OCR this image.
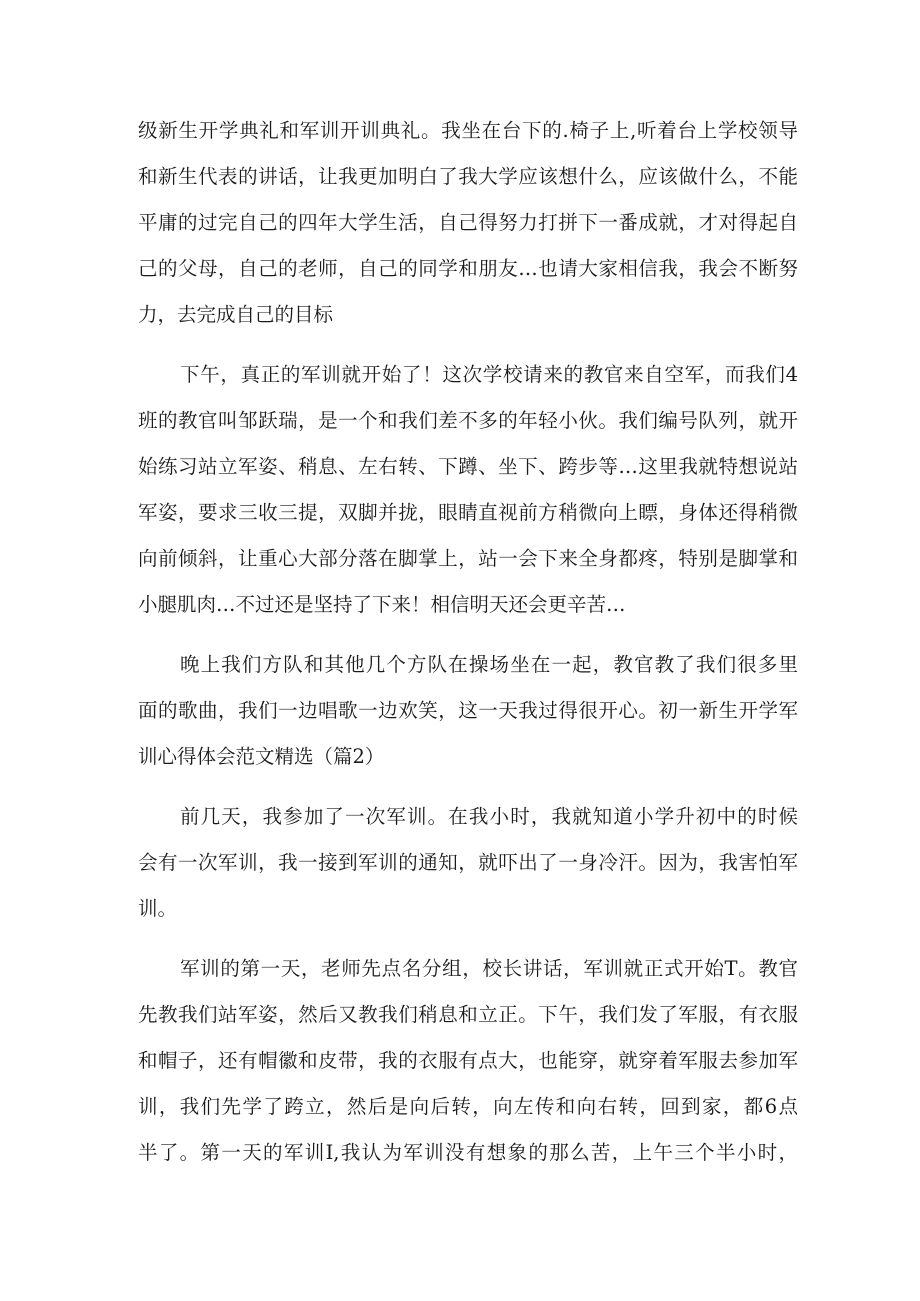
级新生开学典礼和军训开训典礼。我坐在台下的.椅子上,听着台上学校领导
和新生代表的讲话，让我更加明白了我大学应该想什么，应该做什么，不能
平庸的过完自己的四年大学生活，自己得努力打拼下一番成就，才对得起自
己的父母，自己的老师，自己的同学和朋友…也请大家相信我，我会不断努
力，去完成自己的目标
下午，真正的军训就开始了！这次学校请来的教官来自空军，而我们4
班的教官叫邹跃瑞，是一个和我们差不多的年轻小伙。我们编号队列，就开
始练习站立军姿、稍息、左右转、下蹲、坐下、跨步等…这里我就特想说站
军姿，要求三收三提，双脚并拢，眼睛直视前方稍微向上瞟，身体还得稍微
向前倾斜，让重心大部分落在脚掌上，站一会下来全身都疼，特别是脚掌和
小腿肌肉…不过还是坚持了下来！相信明天还会更辛苦…
晚上我们方队和其他几个方队在操场坐在一起，教官教了我们很多里
面的歌曲，我们一边唱歌一边欢笑，这一天我过得很开心。初一新生开学军
训心得体会范文精选（篇2）
前几天，我参加了一次军训。在我小时，我就知道小学升初中的时候
会有一次军训，我一接到军训的通知，就吓出了一身冷汗。因为，我害怕军
训。
军训的第一天，老师先点名分组，校长讲话，军训就正式开始T。教官
先教我们站军姿，然后又教我们稍息和立正。下午，我们发了军服，有衣服
和帽子，还有帽徽和皮带，我的衣服有点大，也能穿，就穿着军服去参加军
训，我们先学了跨立，然后是向后转，向左传和向右转，回到家，都6点
半了。第一天的军训I,我认为军训没有想象的那么苦，上午三个半小时，
